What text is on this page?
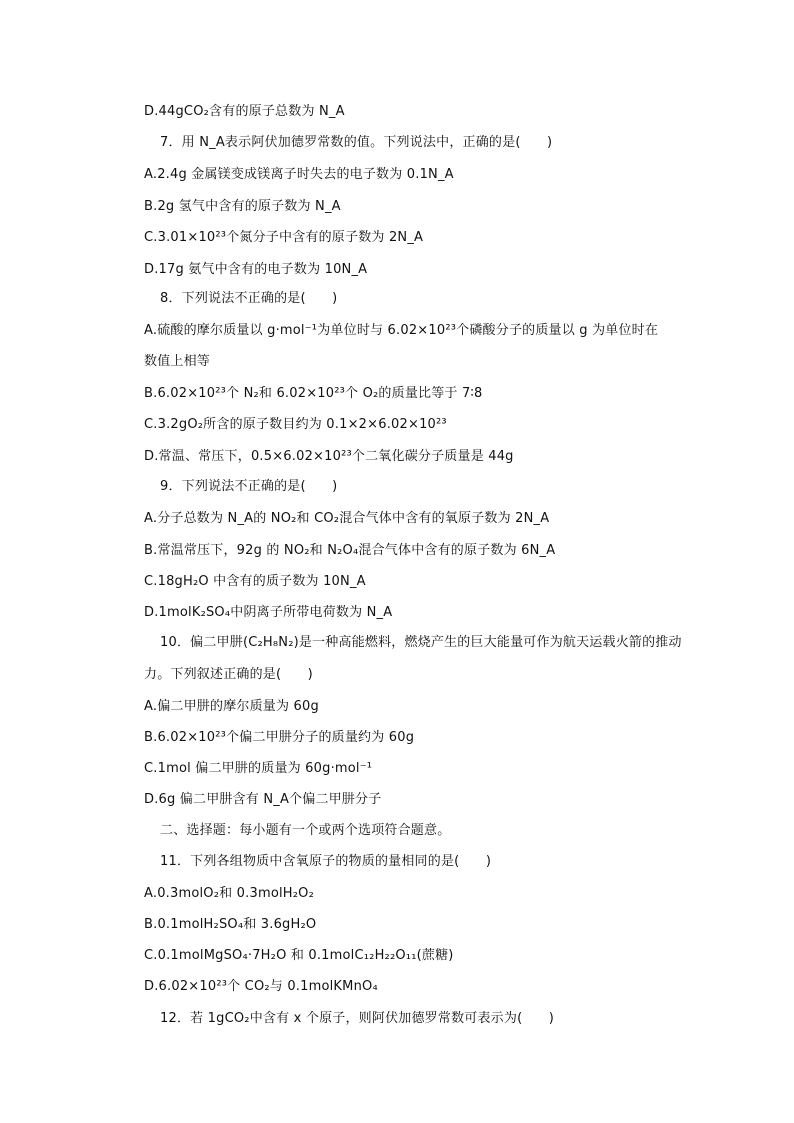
D.44gCO₂含有的原子总数为 N_A
7．用 N_A表示阿伏加德罗常数的值。下列说法中，正确的是(　　)
A.2.4g 金属镁变成镁离子时失去的电子数为 0.1N_A
B.2g 氢气中含有的原子数为 N_A
C.3.01×10²³个氮分子中含有的原子数为 2N_A
D.17g 氨气中含有的电子数为 10N_A
8．下列说法不正确的是(　　)
A.硫酸的摩尔质量以 g·mol⁻¹为单位时与 6.02×10²³个磷酸分子的质量以 g 为单位时在
数值上相等
B.6.02×10²³个 N₂和 6.02×10²³个 O₂的质量比等于 7∶8
C.3.2gO₂所含的原子数目约为 0.1×2×6.02×10²³
D.常温、常压下，0.5×6.02×10²³个二氧化碳分子质量是 44g
9．下列说法不正确的是(　　)
A.分子总数为 N_A的 NO₂和 CO₂混合气体中含有的氧原子数为 2N_A
B.常温常压下，92g 的 NO₂和 N₂O₄混合气体中含有的原子数为 6N_A
C.18gH₂O 中含有的质子数为 10N_A
D.1molK₂SO₄中阴离子所带电荷数为 N_A
10．偏二甲肼(C₂H₈N₂)是一种高能燃料，燃烧产生的巨大能量可作为航天运载火箭的推动
力。下列叙述正确的是(　　)
A.偏二甲肼的摩尔质量为 60g
B.6.02×10²³个偏二甲肼分子的质量约为 60g
C.1mol 偏二甲肼的质量为 60g·mol⁻¹
D.6g 偏二甲肼含有 N_A个偏二甲肼分子
二、选择题：每小题有一个或两个选项符合题意。
11．下列各组物质中含氧原子的物质的量相同的是(　　)
A.0.3molO₂和 0.3molH₂O₂
B.0.1molH₂SO₄和 3.6gH₂O
C.0.1molMgSO₄·7H₂O 和 0.1molC₁₂H₂₂O₁₁(蔗糖)
D.6.02×10²³个 CO₂与 0.1molKMnO₄
12．若 1gCO₂中含有 x 个原子，则阿伏加德罗常数可表示为(　　)
